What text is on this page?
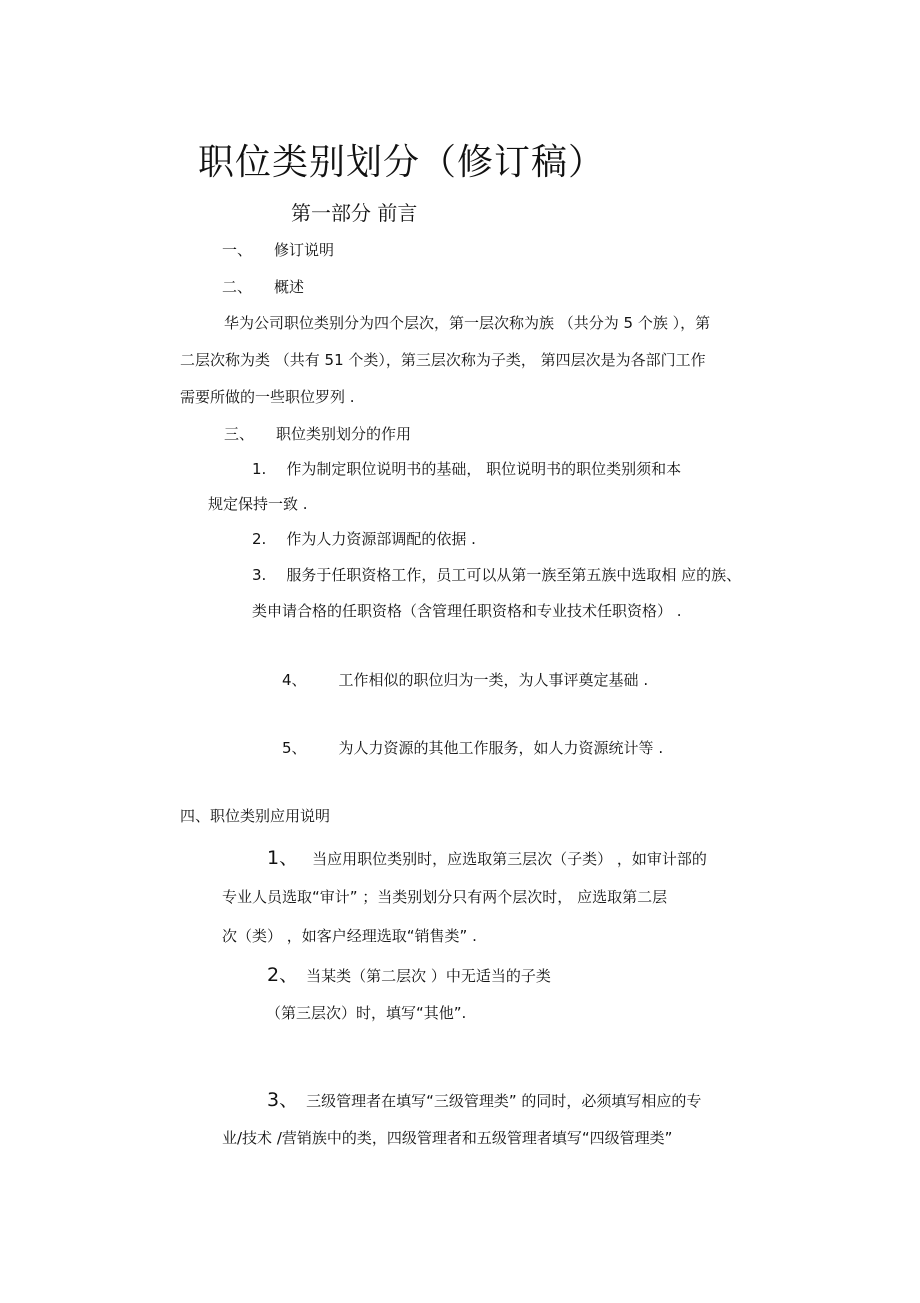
职位类别划分（修订稿）
第一部分 前言
一、 修订说明
二、 概述
华为公司职位类别分为四个层次，第一层次称为族 （共分为 5 个族 ），第
二层次称为类 （共有 51 个类），第三层次称为子类， 第四层次是为各部门工作
需要所做的一些职位罗列 .
三、 职位类别划分的作用
1. 作为制定职位说明书的基础， 职位说明书的职位类别须和本
规定保持一致 .
2. 作为人力资源部调配的依据 .
3. 服务于任职资格工作，员工可以从第一族至第五族中选取相 应的族、
类申请合格的任职资格（含管理任职资格和专业技术任职资格） .
4、 工作相似的职位归为一类，为人事评奠定基础 .
5、 为人力资源的其他工作服务，如人力资源统计等 .
四、职位类别应用说明
1、 当应用职位类别时，应选取第三层次（子类） ，如审计部的
专业人员选取“审计” ；当类别划分只有两个层次时， 应选取第二层
次（类） ，如客户经理选取“销售类” .
2、 当某类（第二层次 ）中无适当的子类
（第三层次）时，填写“其他”.
3、 三级管理者在填写“三级管理类” 的同时，必须填写相应的专
业/技术 /营销族中的类，四级管理者和五级管理者填写“四级管理类”
